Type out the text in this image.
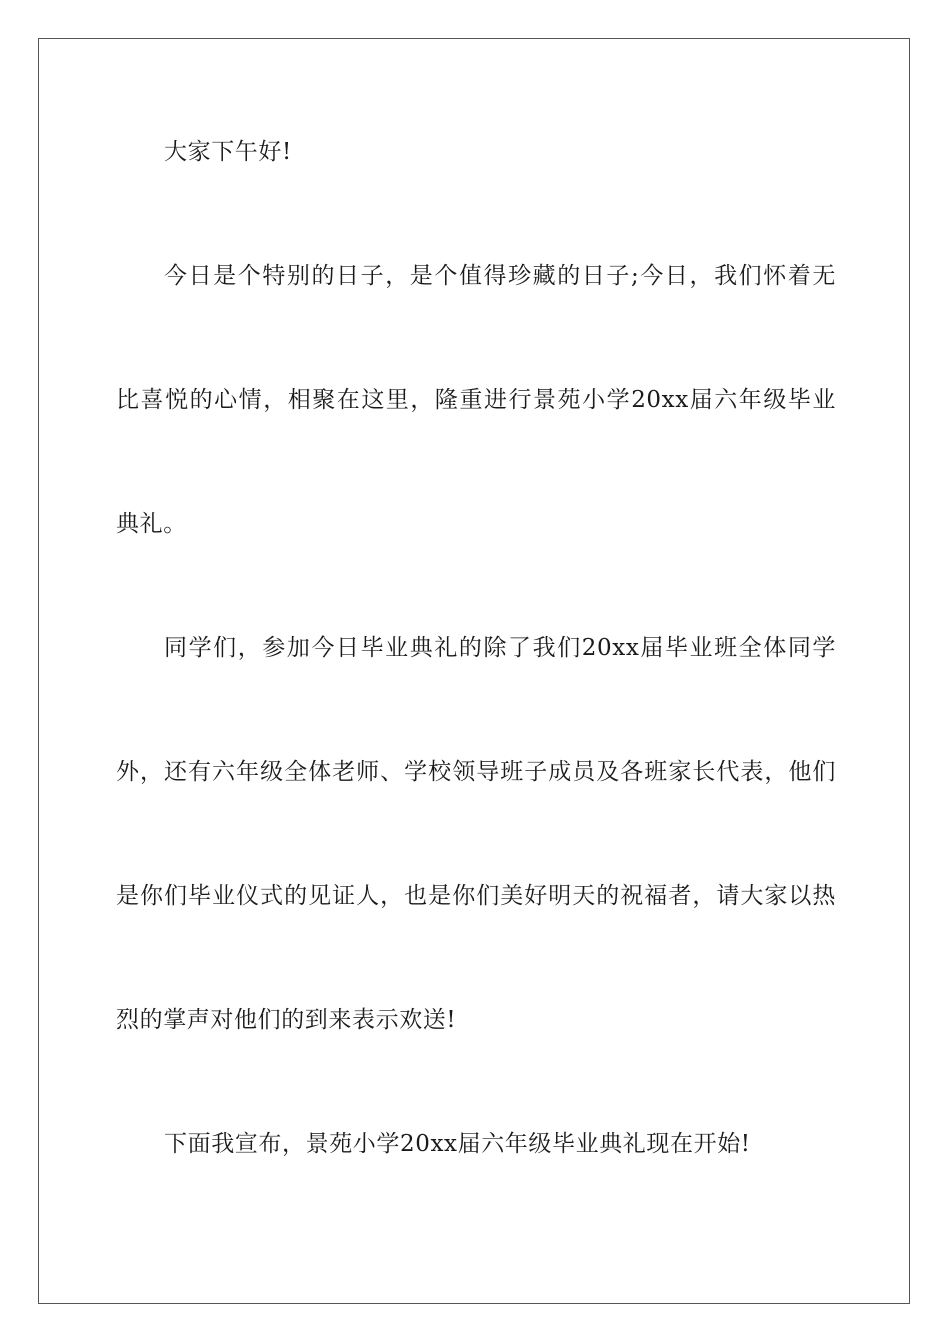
大家下午好!
今日是个特别的日子，是个值得珍藏的日子;今日，我们怀着无
比喜悦的心情，相聚在这里，隆重进行景苑小学20xx届六年级毕业
典礼。
同学们，参加今日毕业典礼的除了我们20xx届毕业班全体同学
外，还有六年级全体老师、学校领导班子成员及各班家长代表，他们
是你们毕业仪式的见证人，也是你们美好明天的祝福者，请大家以热
烈的掌声对他们的到来表示欢送!
下面我宣布，景苑小学20xx届六年级毕业典礼现在开始!
